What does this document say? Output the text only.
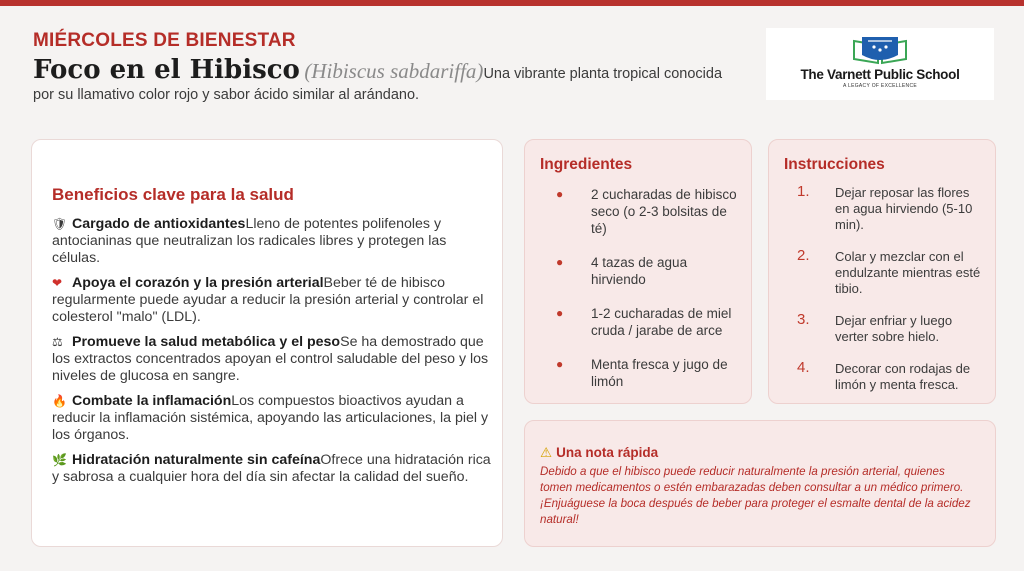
MIÉRCOLES DE BIENESTAR
Foco en el Hibisco (Hibiscus sabdariffa)Una vibrante planta tropical conocida por su llamativo color rojo y sabor ácido similar al arándano.
The Varnett Public School
A LEGACY OF EXCELLENCE
Beneficios clave para la salud
🛡 Cargado de antioxidantesLleno de potentes polifenoles y antocianinas que neutralizan los radicales libres y protegen las células.
❤ Apoya el corazón y la presión arterialBeber té de hibisco regularmente puede ayudar a reducir la presión arterial y controlar el colesterol "malo" (LDL).
⚖ Promueve la salud metabólica y el pesoSe ha demostrado que los extractos concentrados apoyan el control saludable del peso y los niveles de glucosa en sangre.
🔥 Combate la inflamaciónLos compuestos bioactivos ayudan a reducir la inflamación sistémica, apoyando las articulaciones, la piel y los órganos.
🌿 Hidratación naturalmente sin cafeínaOfrece una hidratación rica y sabrosa a cualquier hora del día sin afectar la calidad del sueño.
Ingredientes
● 2 cucharadas de hibisco seco (o 2-3 bolsitas de té)
● 4 tazas de agua hirviendo
● 1-2 cucharadas de miel cruda / jarabe de arce
● Menta fresca y jugo de limón
Instrucciones
1. Dejar reposar las flores en agua hirviendo (5-10 min).
2. Colar y mezclar con el endulzante mientras esté tibio.
3. Dejar enfriar y luego verter sobre hielo.
4. Decorar con rodajas de limón y menta fresca.
⚠ Una nota rápida
Debido a que el hibisco puede reducir naturalmente la presión arterial, quienes tomen medicamentos o estén embarazadas deben consultar a un médico primero. ¡Enjuáguese la boca después de beber para proteger el esmalte dental de la acidez natural!
